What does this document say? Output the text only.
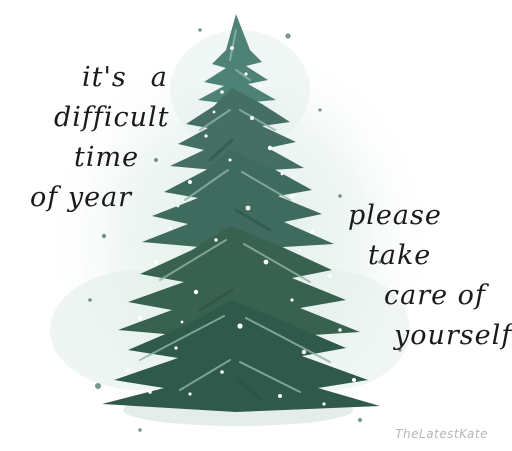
it's a
difficult
time
of year
please
take
care of
yourself
TheLatestKate
